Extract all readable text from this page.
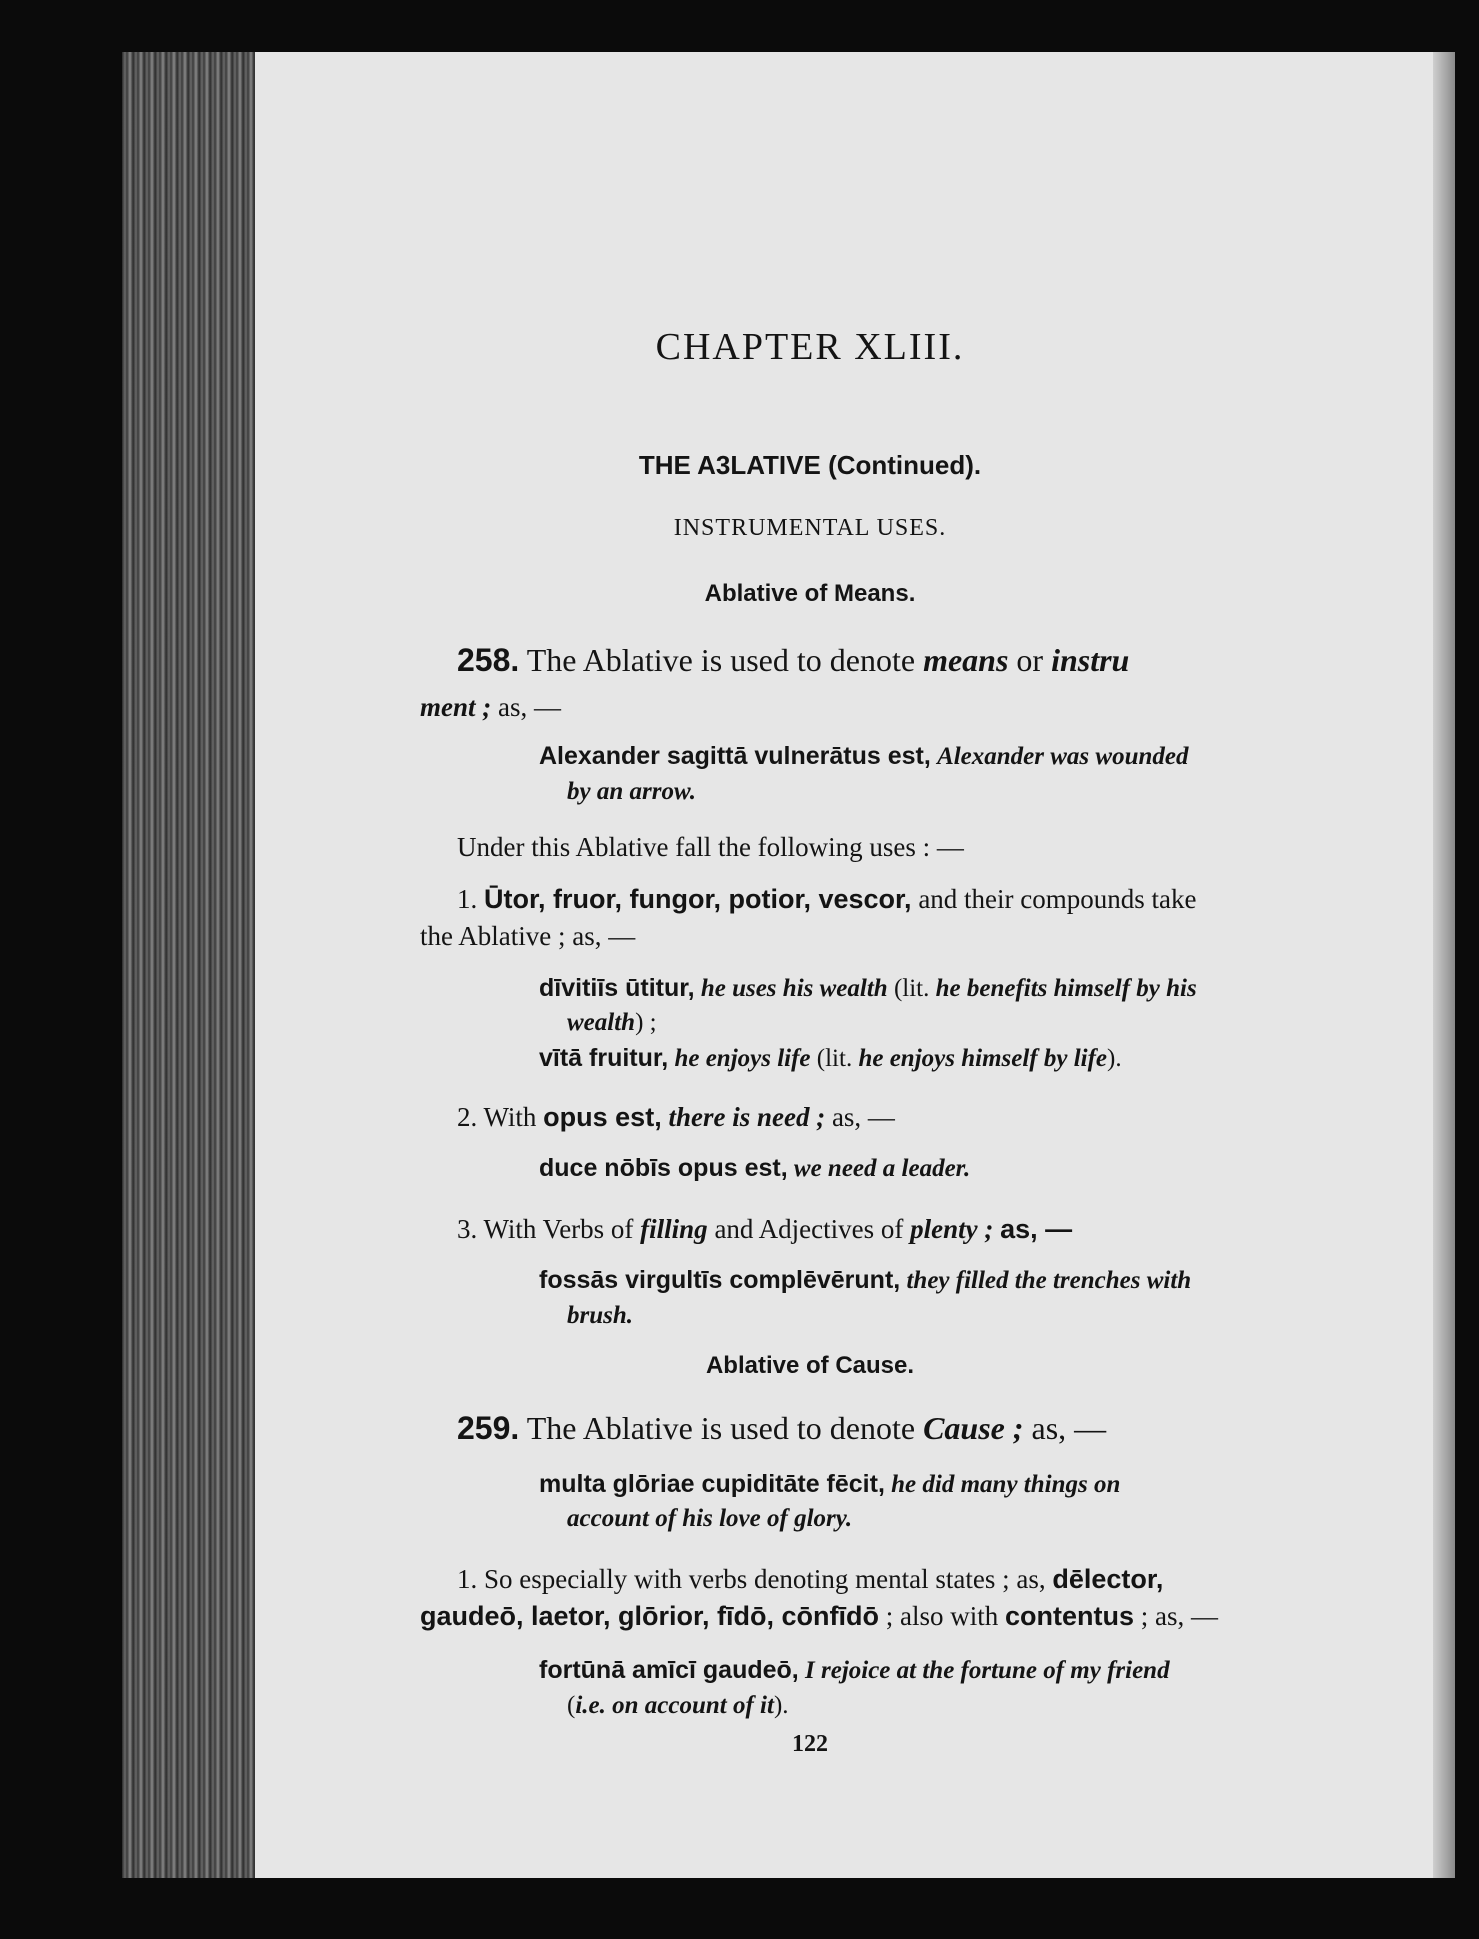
CHAPTER XLIII.
THE A3LATIVE (Continued).
INSTRUMENTAL USES.
Ablative of Means.
258. The Ablative is used to denote means or instru
ment ; as, —
Alexander sagittā vulnerātus est, Alexander was wounded
by an arrow.
Under this Ablative fall the following uses : —
1. Ūtor, fruor, fungor, potior, vescor, and their compounds take
the Ablative ; as, —
dīvitiīs ūtitur, he uses his wealth (lit. he benefits himself by his
wealth) ;
vītā fruitur, he enjoys life (lit. he enjoys himself by life).
2. With opus est, there is need ; as, —
duce nōbīs opus est, we need a leader.
3. With Verbs of filling and Adjectives of plenty ; as, —
fossās virgultīs complēvērunt, they filled the trenches with
brush.
Ablative of Cause.
259. The Ablative is used to denote Cause ; as, —
multa glōriae cupiditāte fēcit, he did many things on
account of his love of glory.
1. So especially with verbs denoting mental states ; as, dēlector,
gaudeō, laetor, glōrior, fīdō, cōnfīdō ; also with contentus ; as, —
fortūnā amīcī gaudeō, I rejoice at the fortune of my friend
(i.e. on account of it).
122
